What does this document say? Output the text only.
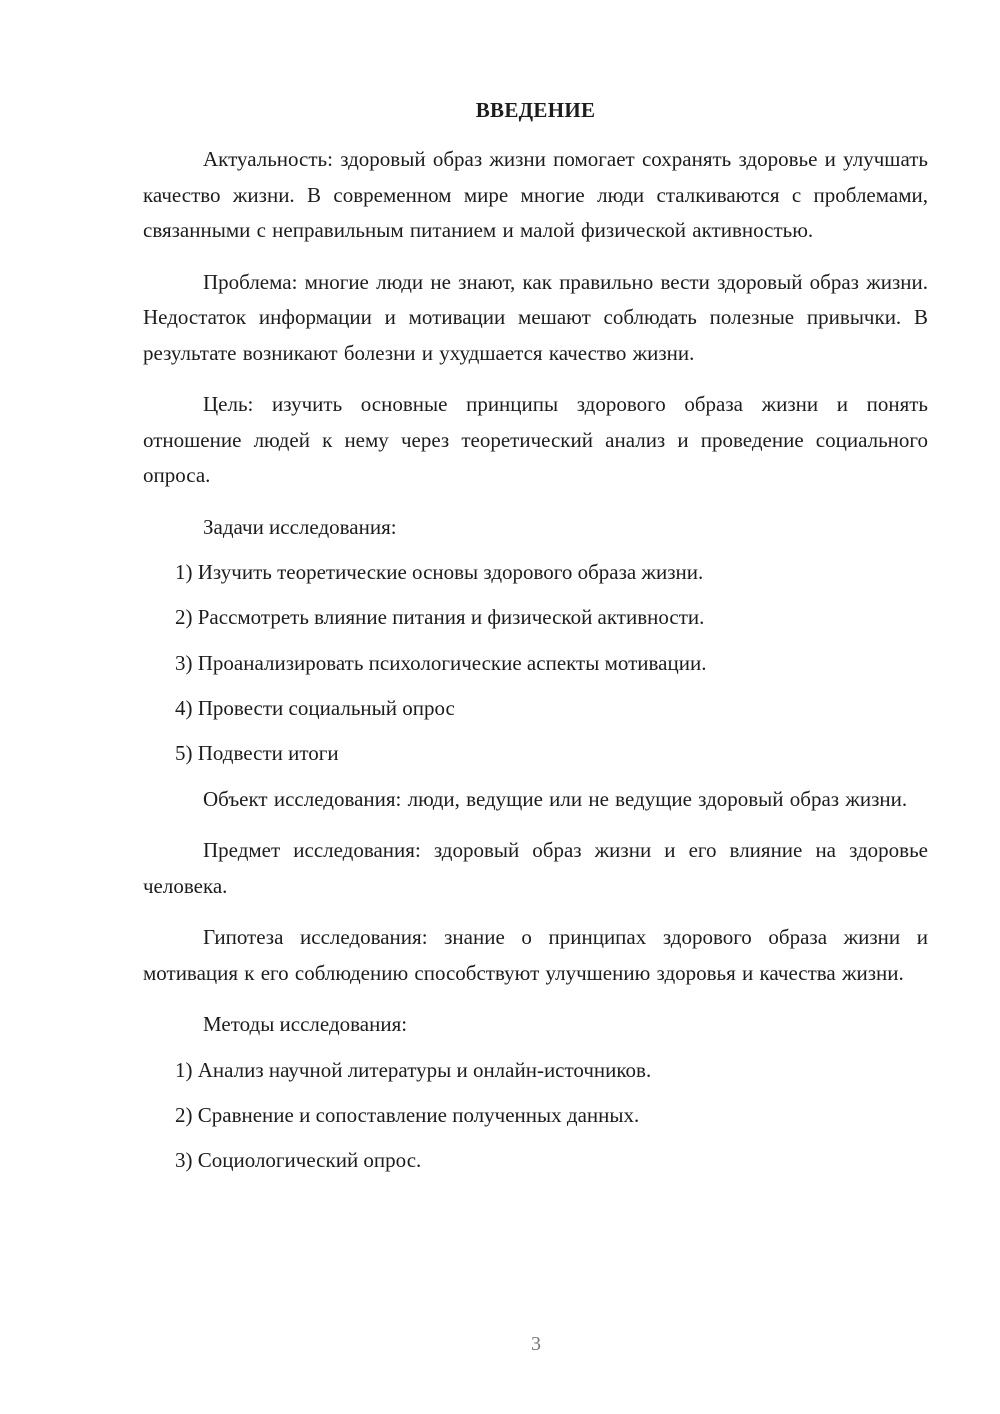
ВВЕДЕНИЕ

Актуальность: здоровый образ жизни помогает сохранять здоровье и улучшать качество жизни. В современном мире многие люди сталкиваются с проблемами, связанными с неправильным питанием и малой физической активностью.

Проблема: многие люди не знают, как правильно вести здоровый образ жизни. Недостаток информации и мотивации мешают соблюдать полезные привычки. В результате возникают болезни и ухудшается качество жизни.

Цель: изучить основные принципы здорового образа жизни и понять отношение людей к нему через теоретический анализ и проведение социального опроса.

Задачи исследования:
1) Изучить теоретические основы здорового образа жизни.
2) Рассмотреть влияние питания и физической активности.
3) Проанализировать психологические аспекты мотивации.
4) Провести социальный опрос
5) Подвести итоги

Объект исследования: люди, ведущие или не ведущие здоровый образ жизни.

Предмет исследования: здоровый образ жизни и его влияние на здоровье человека.

Гипотеза исследования: знание о принципах здорового образа жизни и мотивация к его соблюдению способствуют улучшению здоровья и качества жизни.

Методы исследования:
1) Анализ научной литературы и онлайн-источников.
2) Сравнение и сопоставление полученных данных.
3) Социологический опрос.
3
